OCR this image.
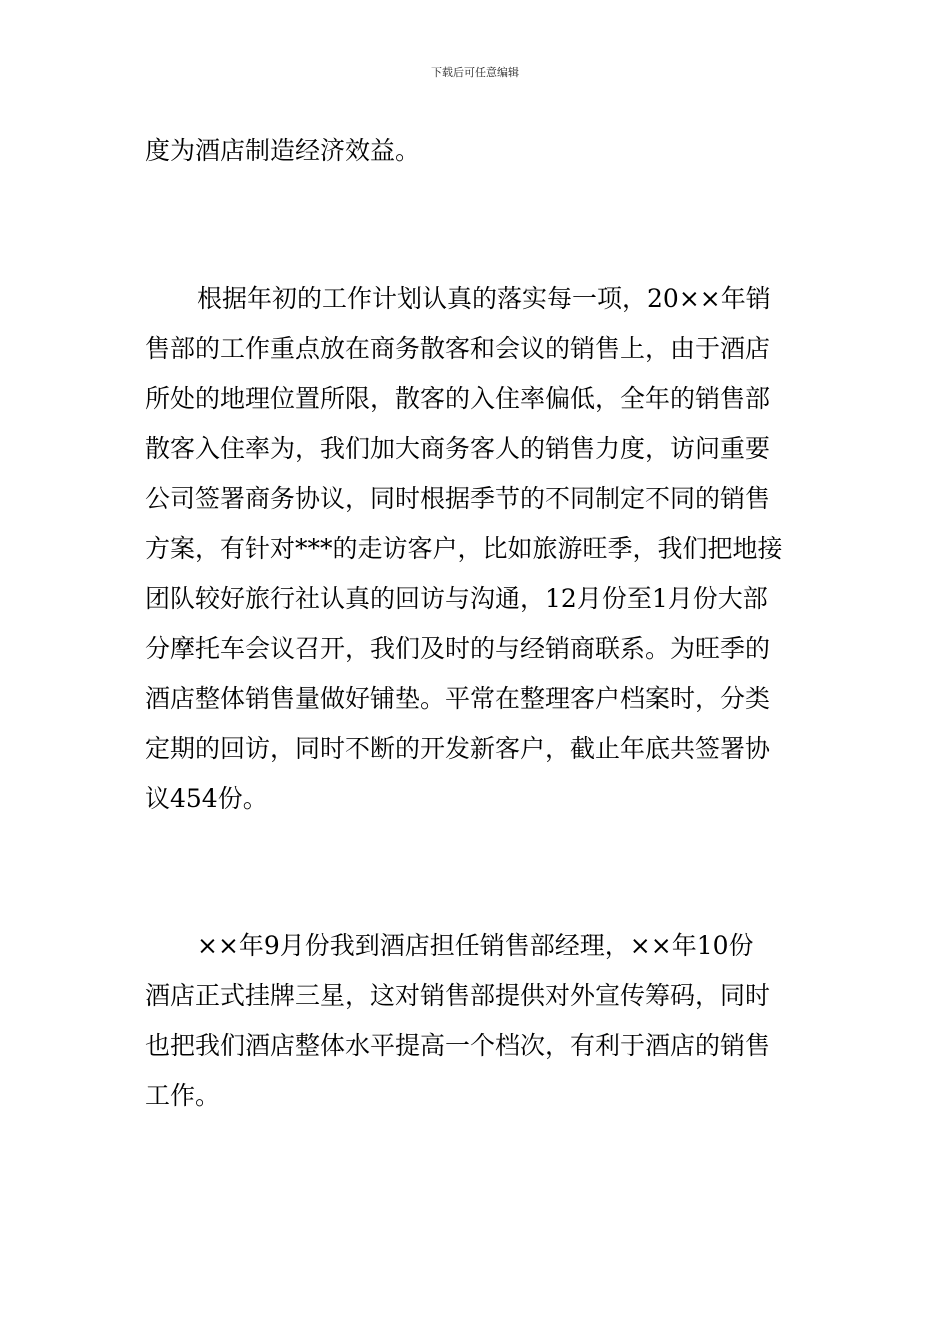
下载后可任意编辑
度为酒店制造经济效益。
根据年初的工作计划认真的落实每一项，20××年销
售部的工作重点放在商务散客和会议的销售上，由于酒店
所处的地理位置所限，散客的入住率偏低，全年的销售部
散客入住率为，我们加大商务客人的销售力度，访问重要
公司签署商务协议，同时根据季节的不同制定不同的销售
方案，有针对***的走访客户，比如旅游旺季，我们把地接
团队较好旅行社认真的回访与沟通，12月份至1月份大部
分摩托车会议召开，我们及时的与经销商联系。为旺季的
酒店整体销售量做好铺垫。平常在整理客户档案时，分类
定期的回访，同时不断的开发新客户，截止年底共签署协
议454份。
××年9月份我到酒店担任销售部经理，××年10份
酒店正式挂牌三星，这对销售部提供对外宣传筹码，同时
也把我们酒店整体水平提高一个档次，有利于酒店的销售
工作。
